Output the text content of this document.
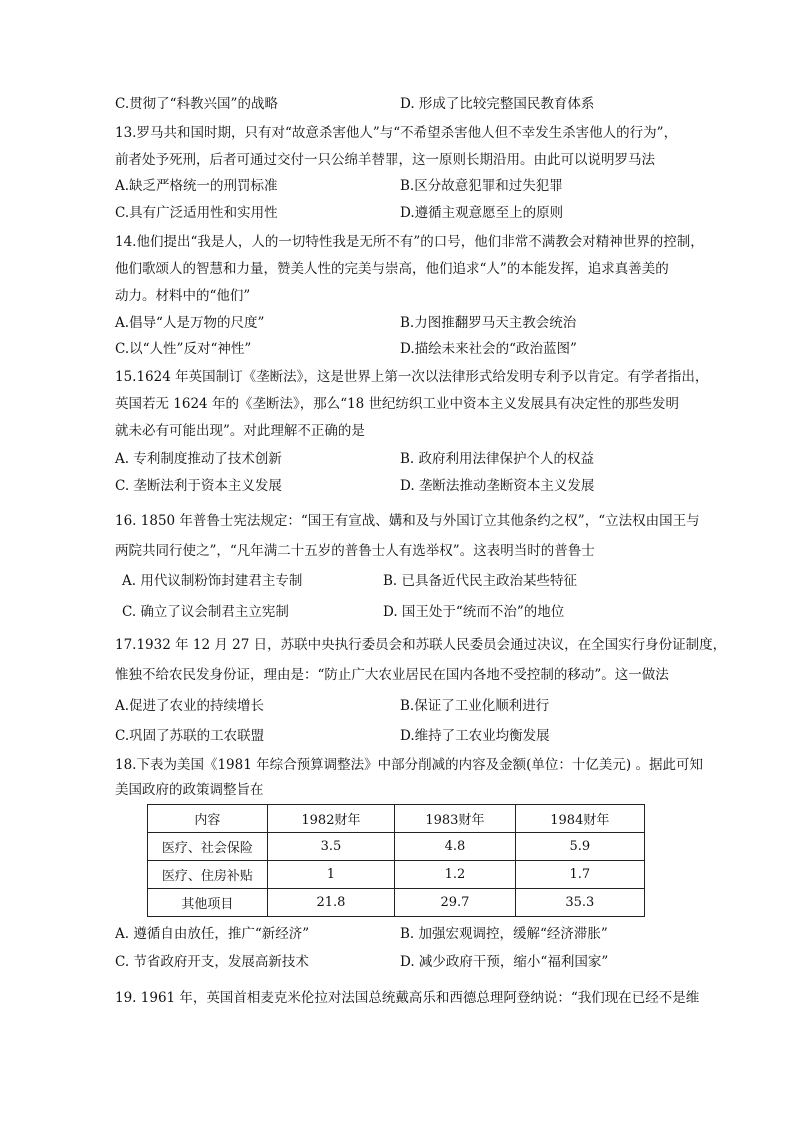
C.贯彻了“科教兴国”的战略	D. 形成了比较完整国民教育体系
13.罗马共和国时期，只有对“故意杀害他人”与“不希望杀害他人但不幸发生杀害他人的行为”，
前者处予死刑，后者可通过交付一只公绵羊替罪，这一原则长期沿用。由此可以说明罗马法
A.缺乏严格统一的刑罚标准	B.区分故意犯罪和过失犯罪
C.具有广泛适用性和实用性	D.遵循主观意愿至上的原则
14.他们提出“我是人，人的一切特性我是无所不有”的口号，他们非常不满教会对精神世界的控制，
他们歌颂人的智慧和力量，赞美人性的完美与崇高，他们追求“人”的本能发挥，追求真善美的
动力。材料中的“他们”
A.倡导“人是万物的尺度”	B.力图推翻罗马天主教会统治
C.以“人性”反对“神性”	D.描绘未来社会的“政治蓝图”
15.1624 年英国制订《垄断法》，这是世界上第一次以法律形式给发明专利予以肯定。有学者指出，
英国若无 1624 年的《垄断法》，那么“18 世纪纺织工业中资本主义发展具有决定性的那些发明
就未必有可能出现”。对此理解不正确的是
A. 专利制度推动了技术创新	B. 政府利用法律保护个人的权益
C. 垄断法利于资本主义发展	D. 垄断法推动垄断资本主义发展
16. 1850 年普鲁士宪法规定：“国王有宣战、媾和及与外国订立其他条约之权”，“立法权由国王与
两院共同行使之”，“凡年满二十五岁的普鲁士人有选举权”。这表明当时的普鲁士
A. 用代议制粉饰封建君主专制	B. 已具备近代民主政治某些特征
C. 确立了议会制君主立宪制	D. 国王处于“统而不治”的地位
17.1932 年 12 月 27 日，苏联中央执行委员会和苏联人民委员会通过决议，在全国实行身份证制度，
惟独不给农民发身份证，理由是：“防止广大农业居民在国内各地不受控制的移动”。这一做法
A.促进了农业的持续增长	B.保证了工业化顺利进行
C.巩固了苏联的工农联盟	D.维持了工农业均衡发展
18.下表为美国《1981 年综合预算调整法》中部分削减的内容及金额(单位：十亿美元) 。据此可知
美国政府的政策调整旨在
内容	1982财年	1983财年	1984财年
医疗、社会保险	3.5	4.8	5.9
医疗、住房补贴	1	1.2	1.7
其他项目	21.8	29.7	35.3
A. 遵循自由放任，推广“新经济”	B. 加强宏观调控，缓解“经济滞胀”
C. 节省政府开支，发展高新技术	D. 减少政府干预，缩小“福利国家”
19. 1961 年，英国首相麦克米伦拉对法国总统戴高乐和西德总理阿登纳说：“我们现在已经不是维
